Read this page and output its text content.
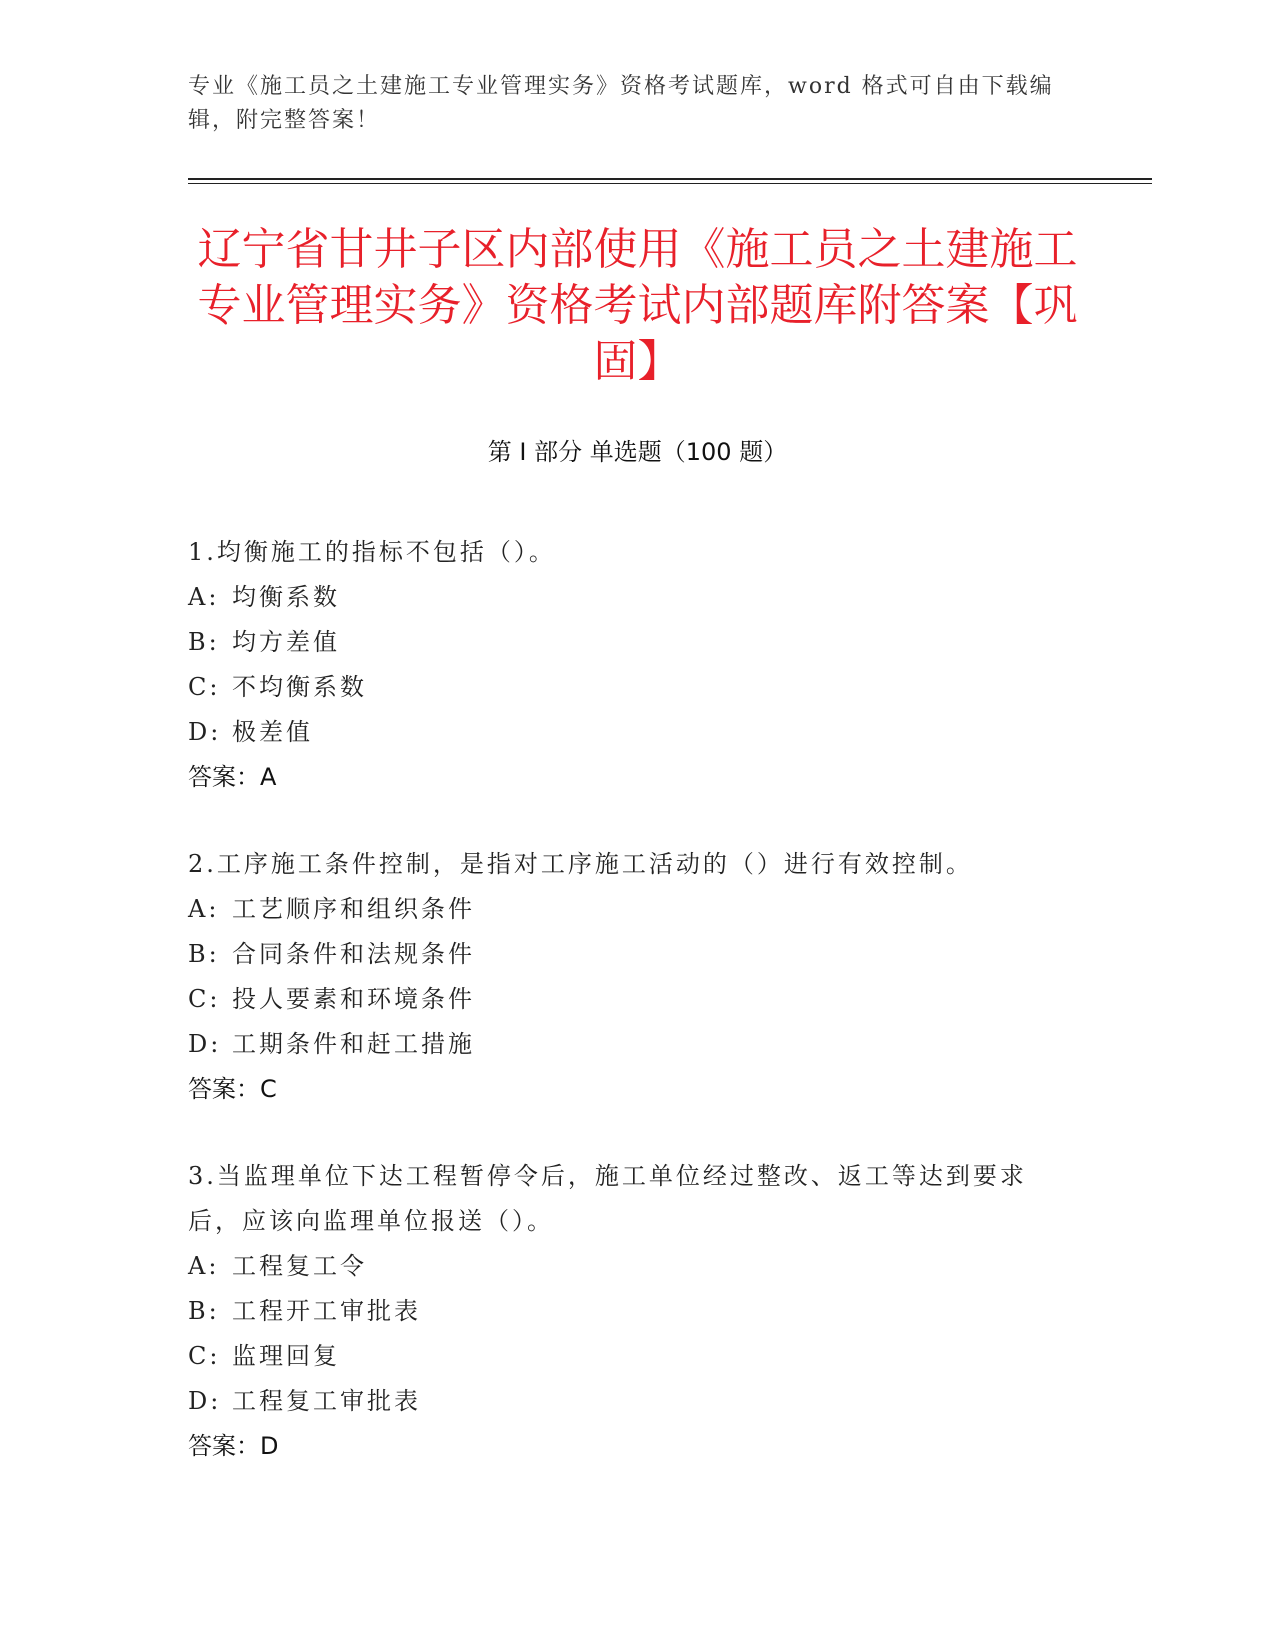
专业《施工员之土建施工专业管理实务》资格考试题库，word 格式可自由下载编辑，附完整答案！
辽宁省甘井子区内部使用《施工员之土建施工专业管理实务》资格考试内部题库附答案【巩固】
第 I 部分 单选题（100 题）
1.均衡施工的指标不包括（）。
A: 均衡系数
B: 均方差值
C: 不均衡系数
D: 极差值
答案：A
2.工序施工条件控制，是指对工序施工活动的（）进行有效控制。
A: 工艺顺序和组织条件
B: 合同条件和法规条件
C: 投人要素和环境条件
D: 工期条件和赶工措施
答案：C
3.当监理单位下达工程暂停令后，施工单位经过整改、返工等达到要求后，应该向监理单位报送（）。
A: 工程复工令
B: 工程开工审批表
C: 监理回复
D: 工程复工审批表
答案：D
